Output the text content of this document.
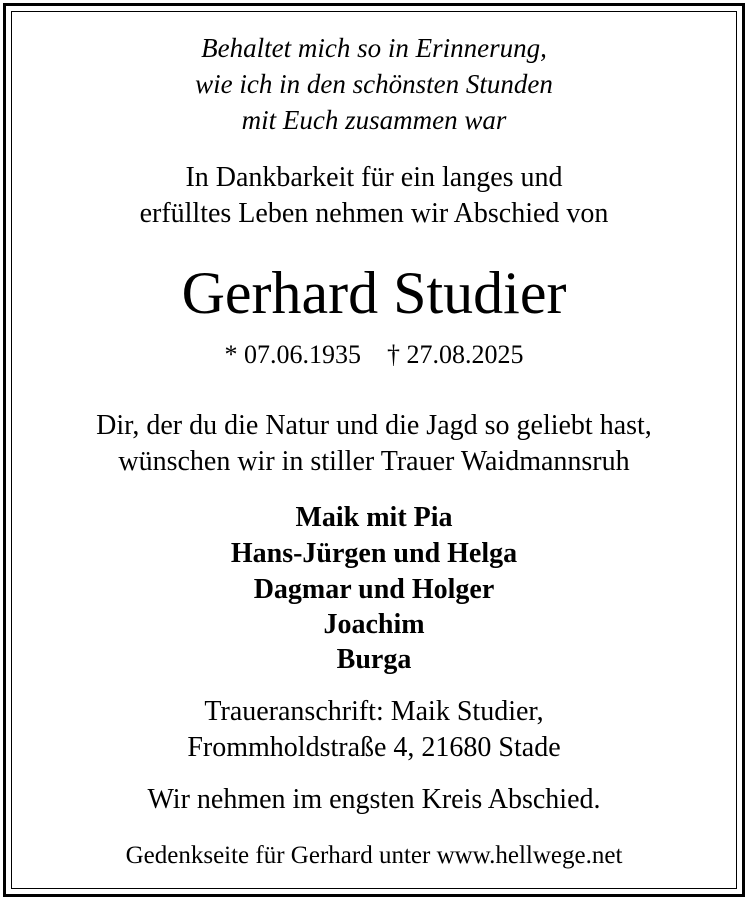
Behaltet mich so in Erinnerung,
wie ich in den schönsten Stunden
mit Euch zusammen war
In Dankbarkeit für ein langes und
erfülltes Leben nehmen wir Abschied von
Gerhard Studier
* 07.06.1935 † 27.08.2025
Dir, der du die Natur und die Jagd so geliebt hast,
wünschen wir in stiller Trauer Waidmannsruh
Maik mit Pia
Hans-Jürgen und Helga
Dagmar und Holger
Joachim
Burga
Traueranschrift: Maik Studier,
Frommholdstraße 4, 21680 Stade
Wir nehmen im engsten Kreis Abschied.
Gedenkseite für Gerhard unter www.hellwege.net
